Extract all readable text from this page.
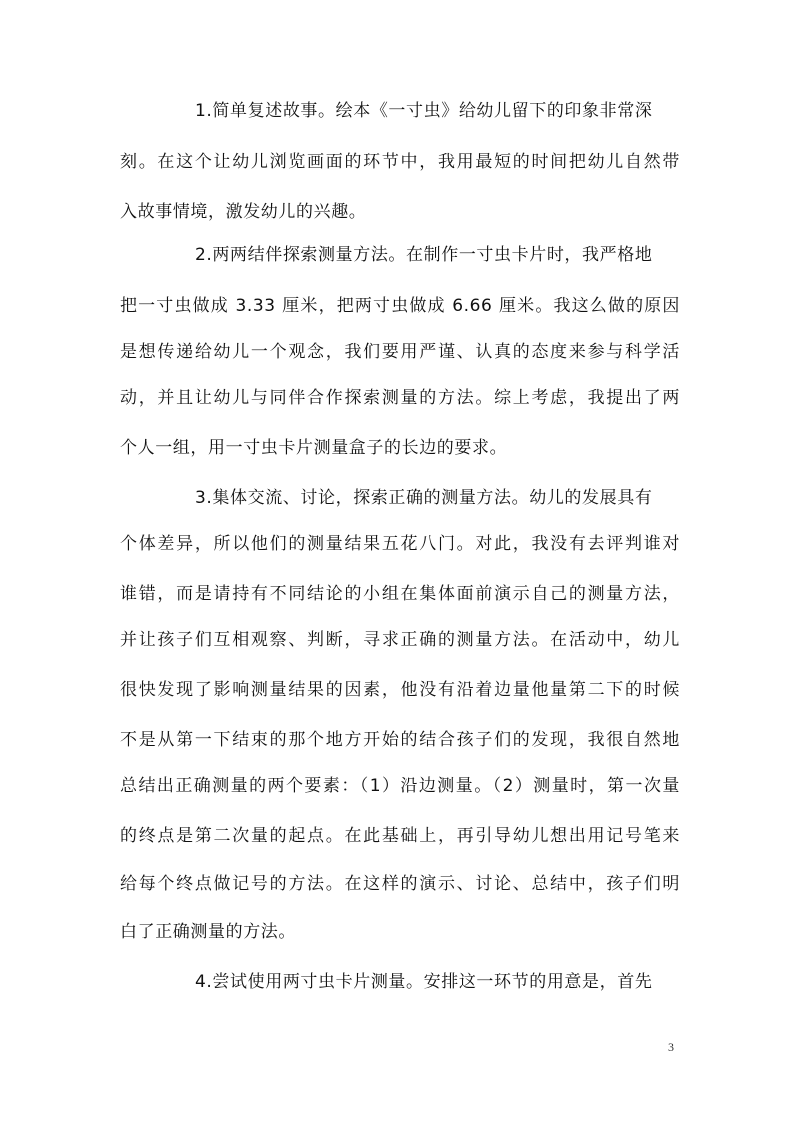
1.简单复述故事。绘本《一寸虫》给幼儿留下的印象非常深
刻。在这个让幼儿浏览画面的环节中，我用最短的时间把幼儿自然带
入故事情境，激发幼儿的兴趣。
2.两两结伴探索测量方法。在制作一寸虫卡片时，我严格地
把一寸虫做成 3.33 厘米，把两寸虫做成 6.66 厘米。我这么做的原因
是想传递给幼儿一个观念，我们要用严谨、认真的态度来参与科学活
动，并且让幼儿与同伴合作探索测量的方法。综上考虑，我提出了两
个人一组，用一寸虫卡片测量盒子的长边的要求。
3.集体交流、讨论，探索正确的测量方法。幼儿的发展具有
个体差异，所以他们的测量结果五花八门。对此，我没有去评判谁对
谁错，而是请持有不同结论的小组在集体面前演示自己的测量方法，
并让孩子们互相观察、判断，寻求正确的测量方法。在活动中，幼儿
很快发现了影响测量结果的因素，他没有沿着边量他量第二下的时候
不是从第一下结束的那个地方开始的结合孩子们的发现，我很自然地
总结出正确测量的两个要素：（1）沿边测量。（2）测量时，第一次量
的终点是第二次量的起点。在此基础上，再引导幼儿想出用记号笔来
给每个终点做记号的方法。在这样的演示、讨论、总结中，孩子们明
白了正确测量的方法。
4.尝试使用两寸虫卡片测量。安排这一环节的用意是，首先
3
